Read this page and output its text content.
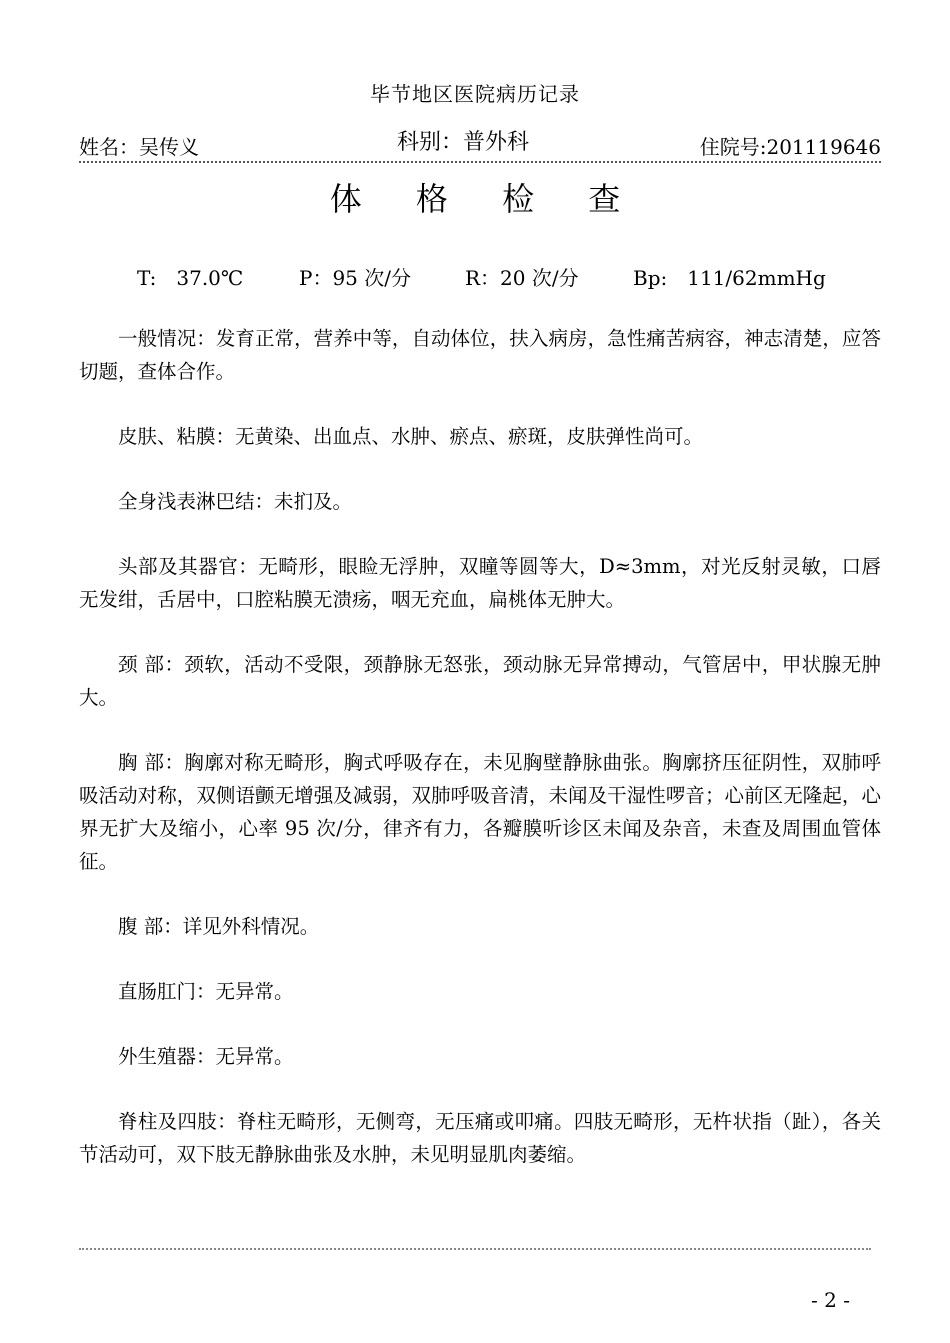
毕节地区医院病历记录
姓名：吴传义	科别：普外科	住院号:201119646
体 格 检 查
T:　37.0℃	P：95 次/分	R：20 次/分	Bp:　111/62mmHg

一般情况：发育正常，营养中等，自动体位，扶入病房，急性痛苦病容，神志清楚，应答切题，查体合作。

皮肤、粘膜：无黄染、出血点、水肿、瘀点、瘀斑，皮肤弹性尚可。

全身浅表淋巴结：未扪及。

头部及其器官：无畸形，眼睑无浮肿，双瞳等圆等大，D≈3mm，对光反射灵敏，口唇无发绀，舌居中，口腔粘膜无溃疡，咽无充血，扁桃体无肿大。

颈 部：颈软，活动不受限，颈静脉无怒张，颈动脉无异常搏动，气管居中，甲状腺无肿大。

胸 部：胸廓对称无畸形，胸式呼吸存在，未见胸壁静脉曲张。胸廓挤压征阴性，双肺呼吸活动对称，双侧语颤无增强及减弱，双肺呼吸音清，未闻及干湿性啰音；心前区无隆起，心界无扩大及缩小，心率 95 次/分，律齐有力，各瓣膜听诊区未闻及杂音，未查及周围血管体征。

腹 部：详见外科情况。

直肠肛门：无异常。

外生殖器：无异常。

脊柱及四肢：脊柱无畸形，无侧弯，无压痛或叩痛。四肢无畸形，无杵状指（趾），各关节活动可，双下肢无静脉曲张及水肿，未见明显肌肉萎缩。

- 2 -
